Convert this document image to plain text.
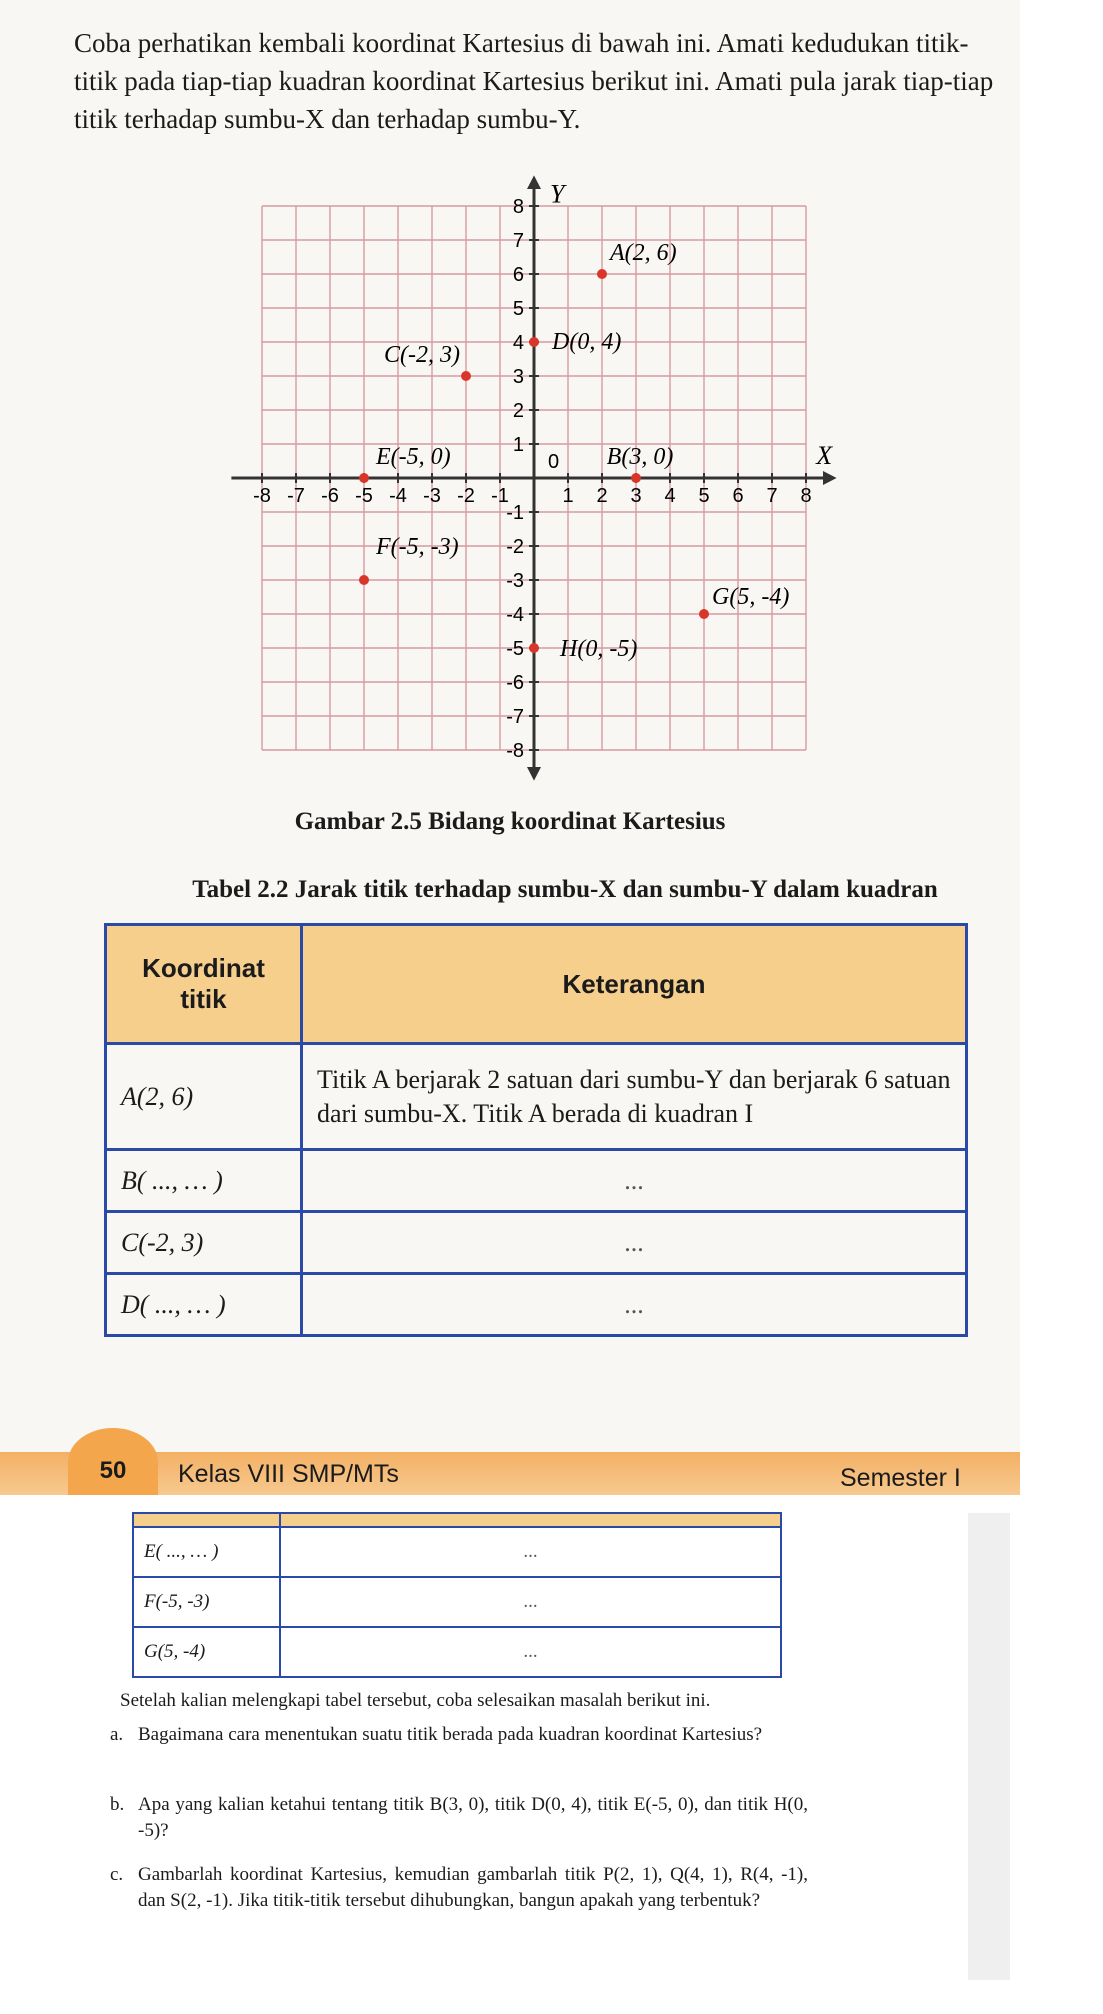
Coba perhatikan kembali koordinat Kartesius di bawah ini. Amati kedudukan titik-titik pada tiap-tiap kuadran koordinat Kartesius berikut ini. Amati pula jarak tiap-tiap titik terhadap sumbu-X dan terhadap sumbu-Y.

X
Y
0
-8 -7 -6 -5 -4 -3 -2 -1	1 2 3 4 5 6 7 8
8
7
6
5
4
3
2
1
-1
-2
-3
-4
-5
-6
-7
-8
A(2, 6)
D(0, 4)
C(-2, 3)
E(-5, 0)	B(3, 0)
F(-5, -3)
G(5, -4)
H(0, -5)
Gambar 2.5 Bidang koordinat Kartesius
Tabel 2.2 Jarak titik terhadap sumbu-X dan sumbu-Y dalam kuadran
Koordinat titik	Keterangan
A(2, 6)	Titik A berjarak 2 satuan dari sumbu-Y dan berjarak 6 satuan dari sumbu-X. Titik A berada di kuadran I
B( ..., … )	...
C(-2, 3)	...
D( ..., … )	...
50	Kelas VIII SMP/MTs	Semester I

E( ..., … )	...
F(-5, -3)	...
G(5, -4)	...

Setelah kalian melengkapi tabel tersebut, coba selesaikan masalah berikut ini.

a. Bagaimana cara menentukan suatu titik berada pada kuadran koordinat Kartesius?
b. Apa yang kalian ketahui tentang titik B(3, 0), titik D(0, 4), titik E(-5, 0), dan titik H(0, -5)?
c. Gambarlah koordinat Kartesius, kemudian gambarlah titik P(2, 1), Q(4, 1), R(4, -1), dan S(2, -1). Jika titik-titik tersebut dihubungkan, bangun apakah yang terbentuk?
